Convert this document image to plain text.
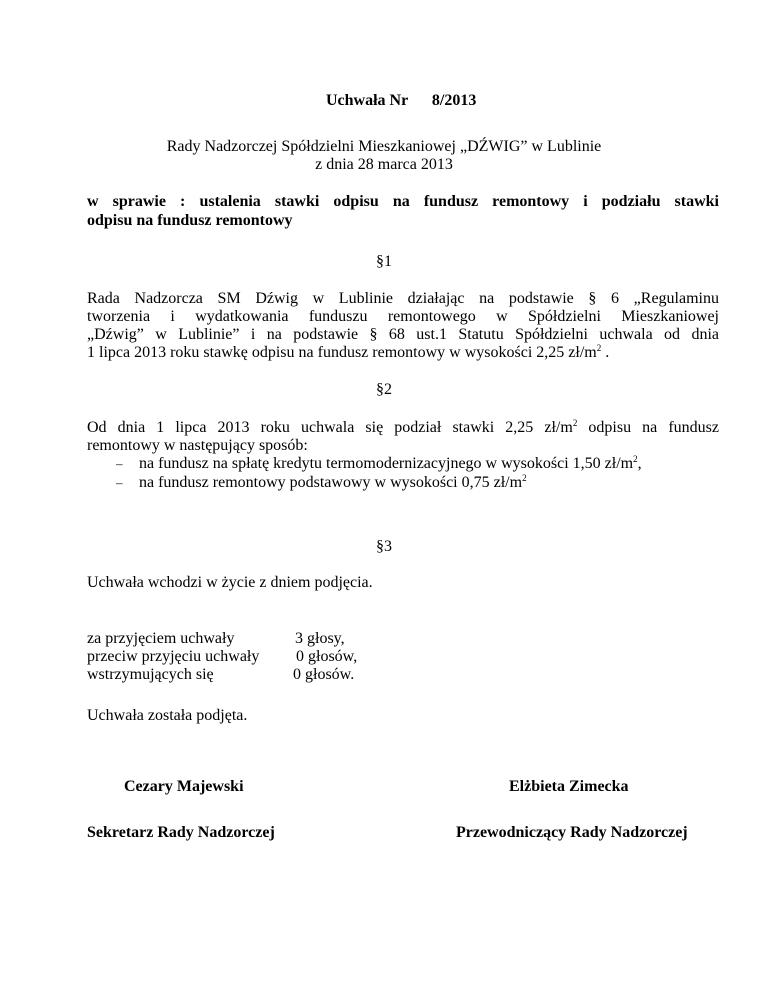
Uchwała Nr 8/2013
Rady Nadzorczej Spółdzielni Mieszkaniowej „DŹWIG” w Lublinie
z dnia 28 marca 2013
w sprawie : ustalenia stawki odpisu na fundusz remontowy i podziału stawki
odpisu na fundusz remontowy
§1
Rada Nadzorcza SM Dźwig w Lublinie działając na podstawie § 6 „Regulaminu
tworzenia i wydatkowania funduszu remontowego w Spółdzielni Mieszkaniowej
„Dźwig” w Lublinie” i na podstawie § 68 ust.1 Statutu Spółdzielni uchwala od dnia
1 lipca 2013 roku stawkę odpisu na fundusz remontowy w wysokości 2,25 $zł/m^2$ .
§2
Od dnia 1 lipca 2013 roku uchwala się podział stawki 2,25 $zł/m^2$ odpisu na fundusz
remontowy w następujący sposób:
– na fundusz na spłatę kredytu termomodernizacyjnego w wysokości 1,50 $zł/m^2$,
– na fundusz remontowy podstawowy w wysokości 0,75 $zł/m^2$
§3
Uchwała wchodzi w życie z dniem podjęcia.
za przyjęciem uchwały	3 głosy,
przeciw przyjęciu uchwały 0 głosów,
wstrzymujących się	0 głosów.
Uchwała została podjęta.
Cezary Majewski	Elżbieta Zimecka
Sekretarz Rady Nadzorczej	Przewodniczący Rady Nadzorczej
